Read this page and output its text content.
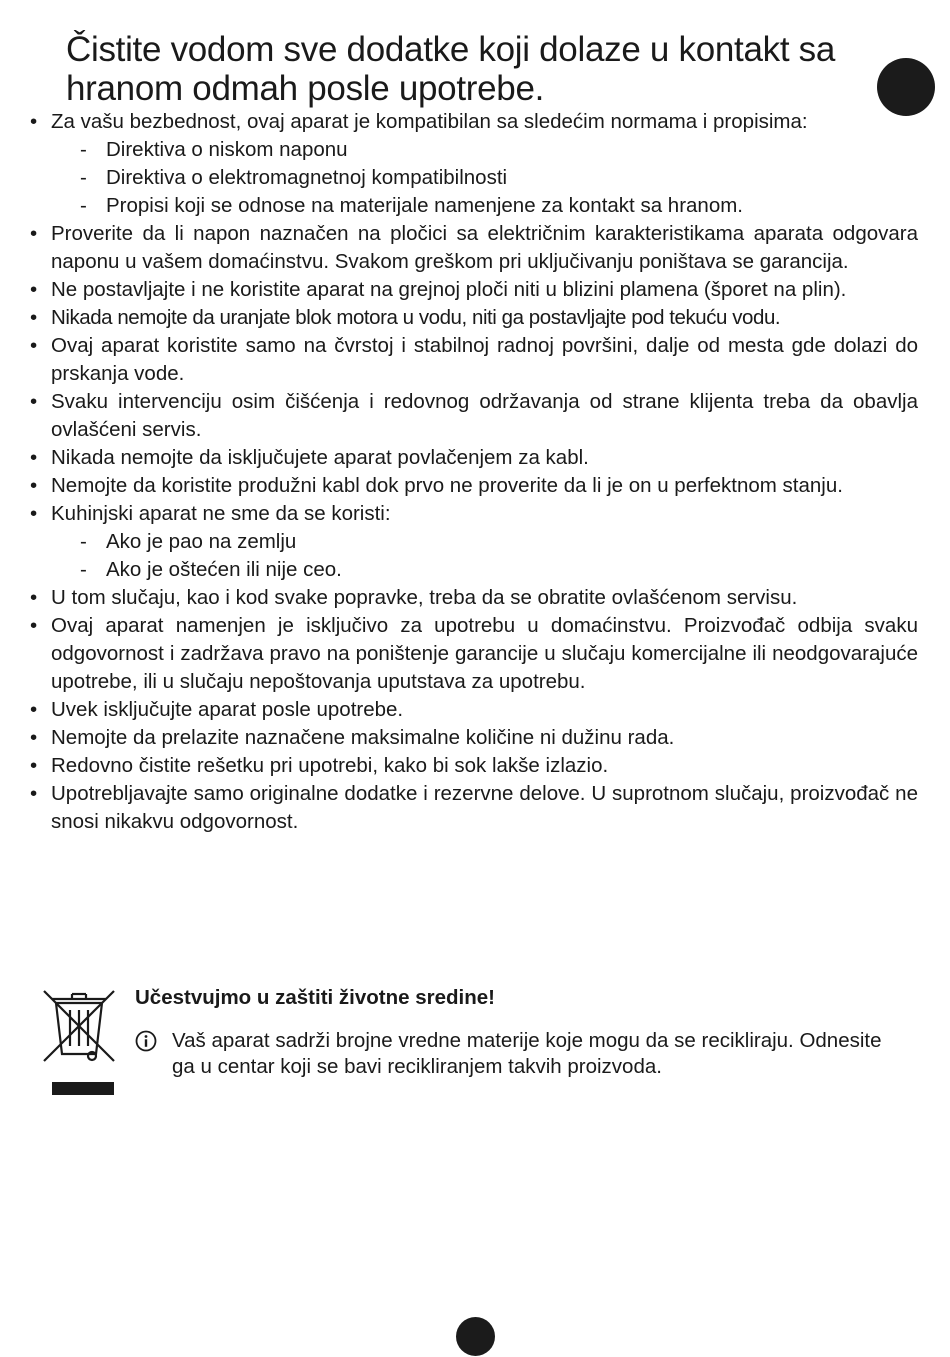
Čistite vodom sve dodatke koji dolaze u kontakt sa hranom odmah posle upotrebe.
• Za vašu bezbednost, ovaj aparat je kompatibilan sa sledećim normama i propisima:
- Direktiva o niskom naponu
- Direktiva o elektromagnetnoj kompatibilnosti
- Propisi koji se odnose na materijale namenjene za kontakt sa hranom.
• Proverite da li napon naznačen na pločici sa električnim karakteristikama aparata odgovara naponu u vašem domaćinstvu. Svakom greškom pri uključivanju poništava se garancija.
• Ne postavljajte i ne koristite aparat na grejnoj ploči niti u blizini plamena (šporet na plin).
• Nikada nemojte da uranjate blok motora u vodu, niti ga postavljajte pod tekuću vodu.
• Ovaj aparat koristite samo na čvrstoj i stabilnoj radnoj površini, dalje od mesta gde dolazi do prskanja vode.
• Svaku intervenciju osim čišćenja i redovnog održavanja od strane klijenta treba da obavlja ovlašćeni servis.
• Nikada nemojte da isključujete aparat povlačenjem za kabl.
• Nemojte da koristite produžni kabl dok prvo ne proverite da li je on u perfektnom stanju.
• Kuhinjski aparat ne sme da se koristi:
- Ako je pao na zemlju
- Ako je oštećen ili nije ceo.
• U tom slučaju, kao i kod svake popravke, treba da se obratite ovlašćenom servisu.
• Ovaj aparat namenjen je isključivo za upotrebu u domaćinstvu. Proizvođač odbija svaku odgovornost i zadržava pravo na poništenje garancije u slučaju komercijalne ili neodgovarajuće upotrebe, ili u slučaju nepoštovanja uputstava za upotrebu.
• Uvek isključujte aparat posle upotrebe.
• Nemojte da prelazite naznačene maksimalne količine ni dužinu rada.
• Redovno čistite rešetku pri upotrebi, kako bi sok lakše izlazio.
• Upotrebljavajte samo originalne dodatke i rezervne delove. U suprotnom slučaju, proizvođač ne snosi nikakvu odgovornost.
Učestvujmo u zaštiti životne sredine!

Vaš aparat sadrži brojne vredne materije koje mogu da se recikliraju. Odnesite ga u centar koji se bavi recikliranjem takvih proizvoda.
